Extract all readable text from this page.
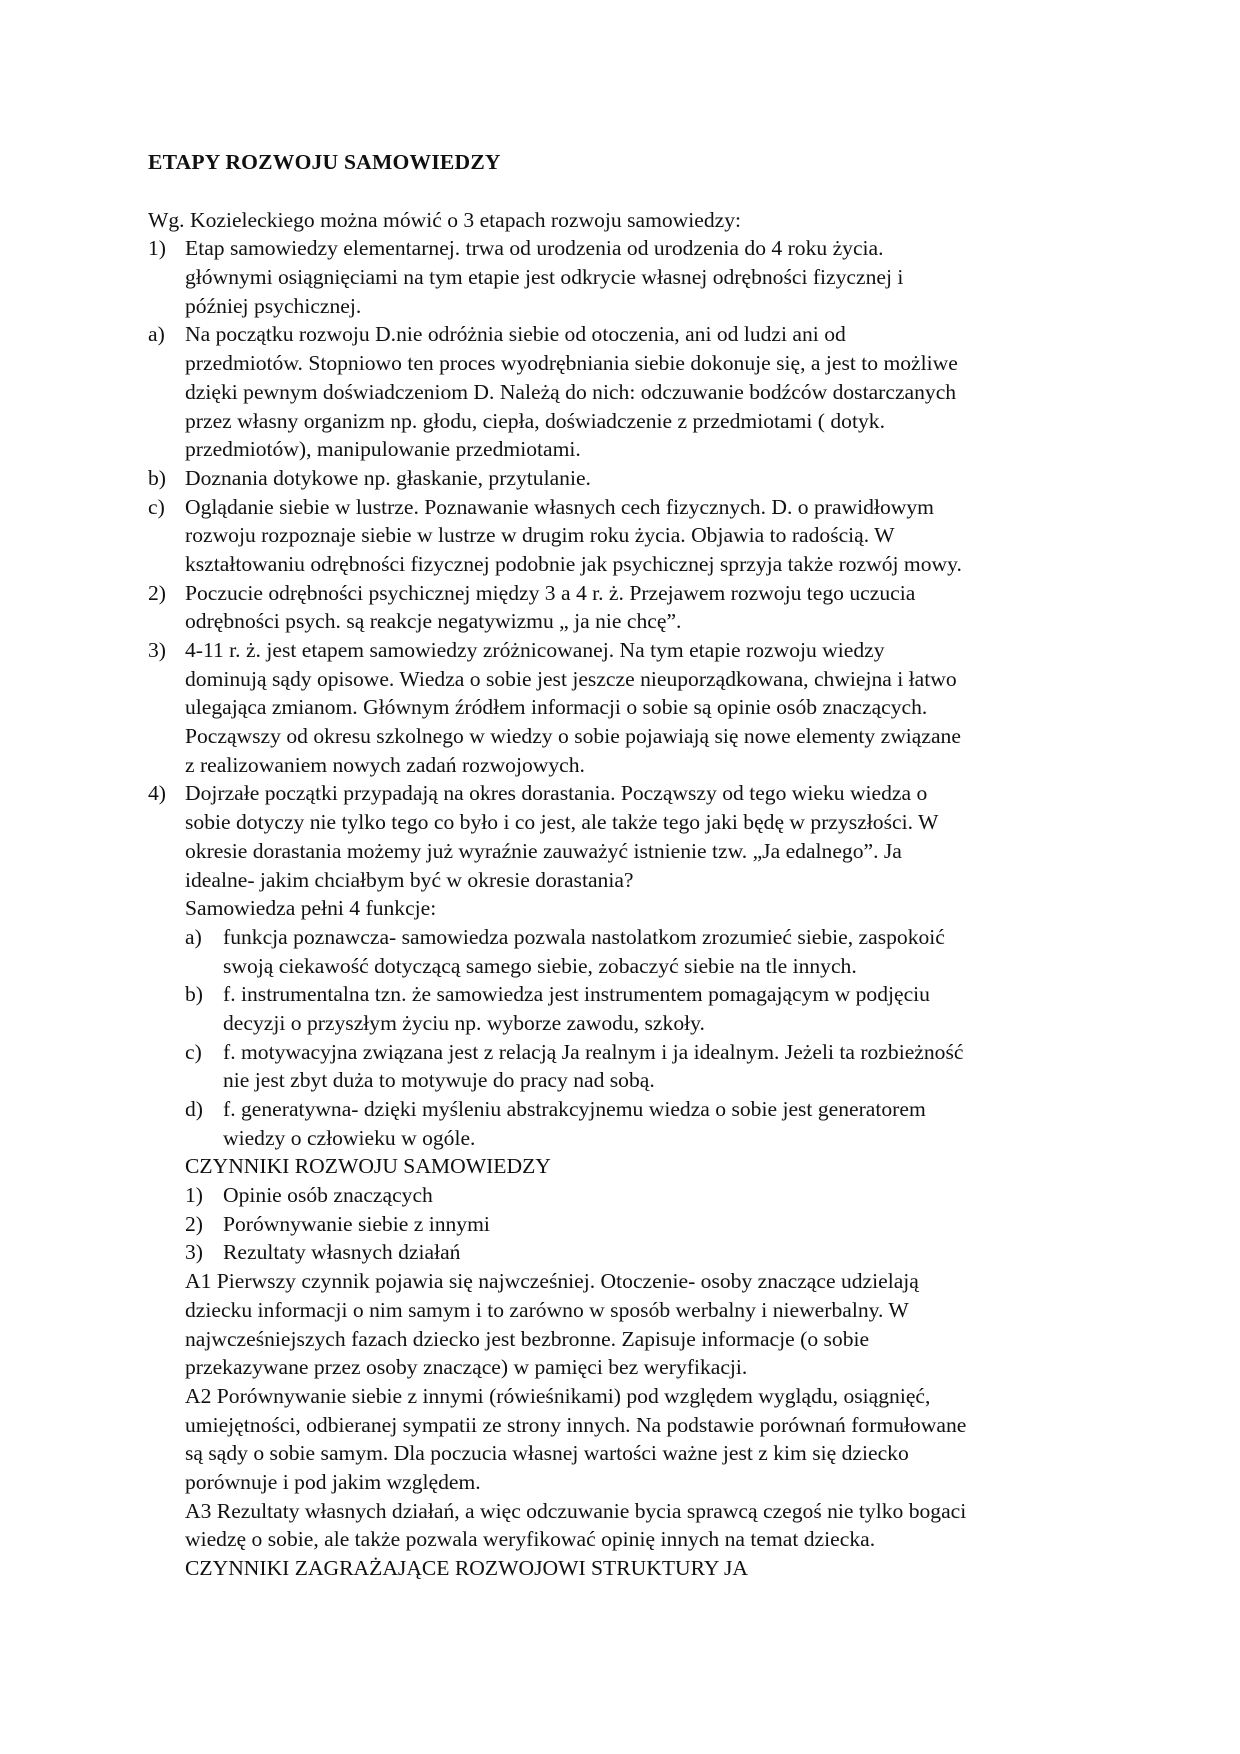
ETAPY ROZWOJU SAMOWIEDZY
Wg. Kozieleckiego można mówić o 3 etapach rozwoju samowiedzy:
1) Etap samowiedzy elementarnej. trwa od urodzenia od urodzenia do 4 roku życia.
głównymi osiągnięciami na tym etapie jest odkrycie własnej odrębności fizycznej i
później psychicznej.
a) Na początku rozwoju D.nie odróżnia siebie od otoczenia, ani od ludzi ani od
przedmiotów. Stopniowo ten proces wyodrębniania siebie dokonuje się, a jest to możliwe
dzięki pewnym doświadczeniom D. Należą do nich: odczuwanie bodźców dostarczanych
przez własny organizm np. głodu, ciepła, doświadczenie z przedmiotami ( dotyk.
przedmiotów), manipulowanie przedmiotami.
b) Doznania dotykowe np. głaskanie, przytulanie.
c) Oglądanie siebie w lustrze. Poznawanie własnych cech fizycznych. D. o prawidłowym
rozwoju rozpoznaje siebie w lustrze w drugim roku życia. Objawia to radością. W
kształtowaniu odrębności fizycznej podobnie jak psychicznej sprzyja także rozwój mowy.
2) Poczucie odrębności psychicznej między 3 a 4 r. ż. Przejawem rozwoju tego uczucia
odrębności psych. są reakcje negatywizmu „ ja nie chcę”.
3) 4-11 r. ż. jest etapem samowiedzy zróżnicowanej. Na tym etapie rozwoju wiedzy
dominują sądy opisowe. Wiedza o sobie jest jeszcze nieuporządkowana, chwiejna i łatwo
ulegająca zmianom. Głównym źródłem informacji o sobie są opinie osób znaczących.
Począwszy od okresu szkolnego w wiedzy o sobie pojawiają się nowe elementy związane
z realizowaniem nowych zadań rozwojowych.
4) Dojrzałe początki przypadają na okres dorastania. Począwszy od tego wieku wiedza o
sobie dotyczy nie tylko tego co było i co jest, ale także tego jaki będę w przyszłości. W
okresie dorastania możemy już wyraźnie zauważyć istnienie tzw. „Ja edalnego”. Ja
idealne- jakim chciałbym być w okresie dorastania?
Samowiedza pełni 4 funkcje:
a) funkcja poznawcza- samowiedza pozwala nastolatkom zrozumieć siebie, zaspokoić
swoją ciekawość dotyczącą samego siebie, zobaczyć siebie na tle innych.
b) f. instrumentalna tzn. że samowiedza jest instrumentem pomagającym w podjęciu
decyzji o przyszłym życiu np. wyborze zawodu, szkoły.
c) f. motywacyjna związana jest z relacją Ja realnym i ja idealnym. Jeżeli ta rozbieżność
nie jest zbyt duża to motywuje do pracy nad sobą.
d) f. generatywna- dzięki myśleniu abstrakcyjnemu wiedza o sobie jest generatorem
wiedzy o człowieku w ogóle.
CZYNNIKI ROZWOJU SAMOWIEDZY
1) Opinie osób znaczących
2) Porównywanie siebie z innymi
3) Rezultaty własnych działań
A1 Pierwszy czynnik pojawia się najwcześniej. Otoczenie- osoby znaczące udzielają
dziecku informacji o nim samym i to zarówno w sposób werbalny i niewerbalny. W
najwcześniejszych fazach dziecko jest bezbronne. Zapisuje informacje (o sobie
przekazywane przez osoby znaczące) w pamięci bez weryfikacji.
A2 Porównywanie siebie z innymi (rówieśnikami) pod względem wyglądu, osiągnięć,
umiejętności, odbieranej sympatii ze strony innych. Na podstawie porównań formułowane
są sądy o sobie samym. Dla poczucia własnej wartości ważne jest z kim się dziecko
porównuje i pod jakim względem.
A3 Rezultaty własnych działań, a więc odczuwanie bycia sprawcą czegoś nie tylko bogaci
wiedzę o sobie, ale także pozwala weryfikować opinię innych na temat dziecka.
CZYNNIKI ZAGRAŻAJĄCE ROZWOJOWI STRUKTURY JA
